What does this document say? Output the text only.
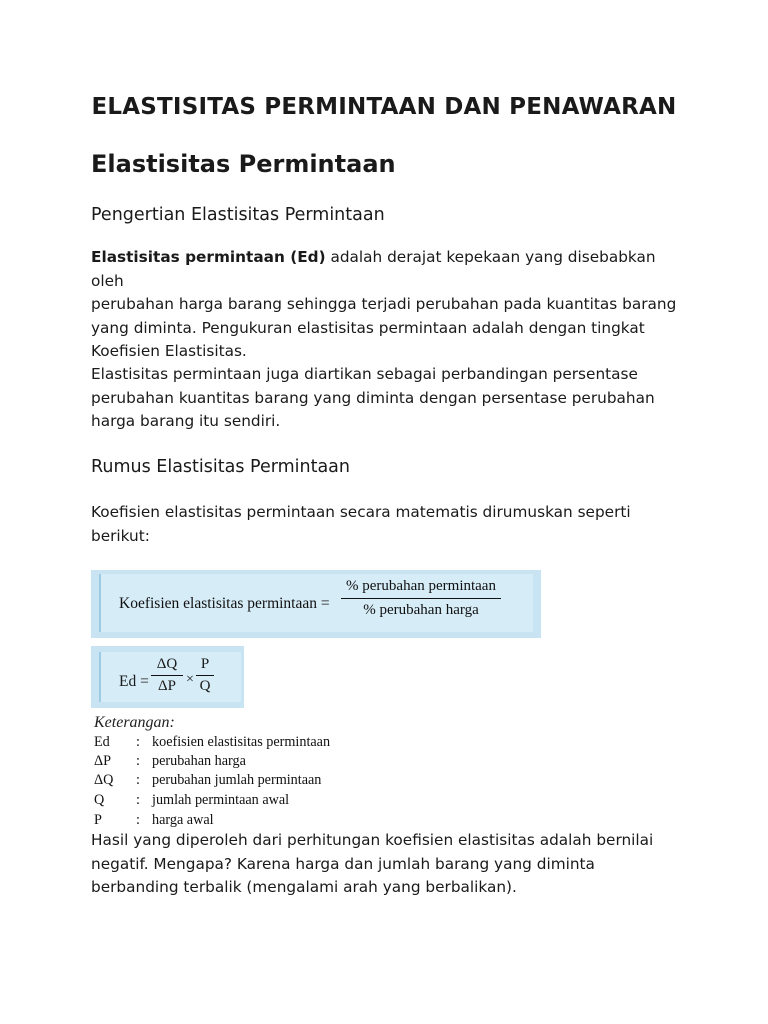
ELASTISITAS PERMINTAAN DAN PENAWARAN
Elastisitas Permintaan
Pengertian Elastisitas Permintaan
Elastisitas permintaan (Ed) adalah derajat kepekaan yang disebabkan oleh
perubahan harga barang sehingga terjadi perubahan pada kuantitas barang
yang diminta. Pengukuran elastisitas permintaan adalah dengan tingkat
Koefisien Elastisitas.
Elastisitas permintaan juga diartikan sebagai perbandingan persentase
perubahan kuantitas barang yang diminta dengan persentase perubahan
harga barang itu sendiri.
Rumus Elastisitas Permintaan
Koefisien elastisitas permintaan secara matematis dirumuskan seperti
berikut:
Koefisien elastisitas permintaan =
% perubahan permintaan
% perubahan harga
$Ed = \frac{\Delta Q}{\Delta P} \times \frac{P}{Q}$
Keterangan:
Ed	: koefisien elastisitas permintaan
ΔP	: perubahan harga
ΔQ	: perubahan jumlah permintaan
Q	: jumlah permintaan awal
P	: harga awal
Hasil yang diperoleh dari perhitungan koefisien elastisitas adalah bernilai
negatif. Mengapa? Karena harga dan jumlah barang yang diminta
berbanding terbalik (mengalami arah yang berbalikan).
